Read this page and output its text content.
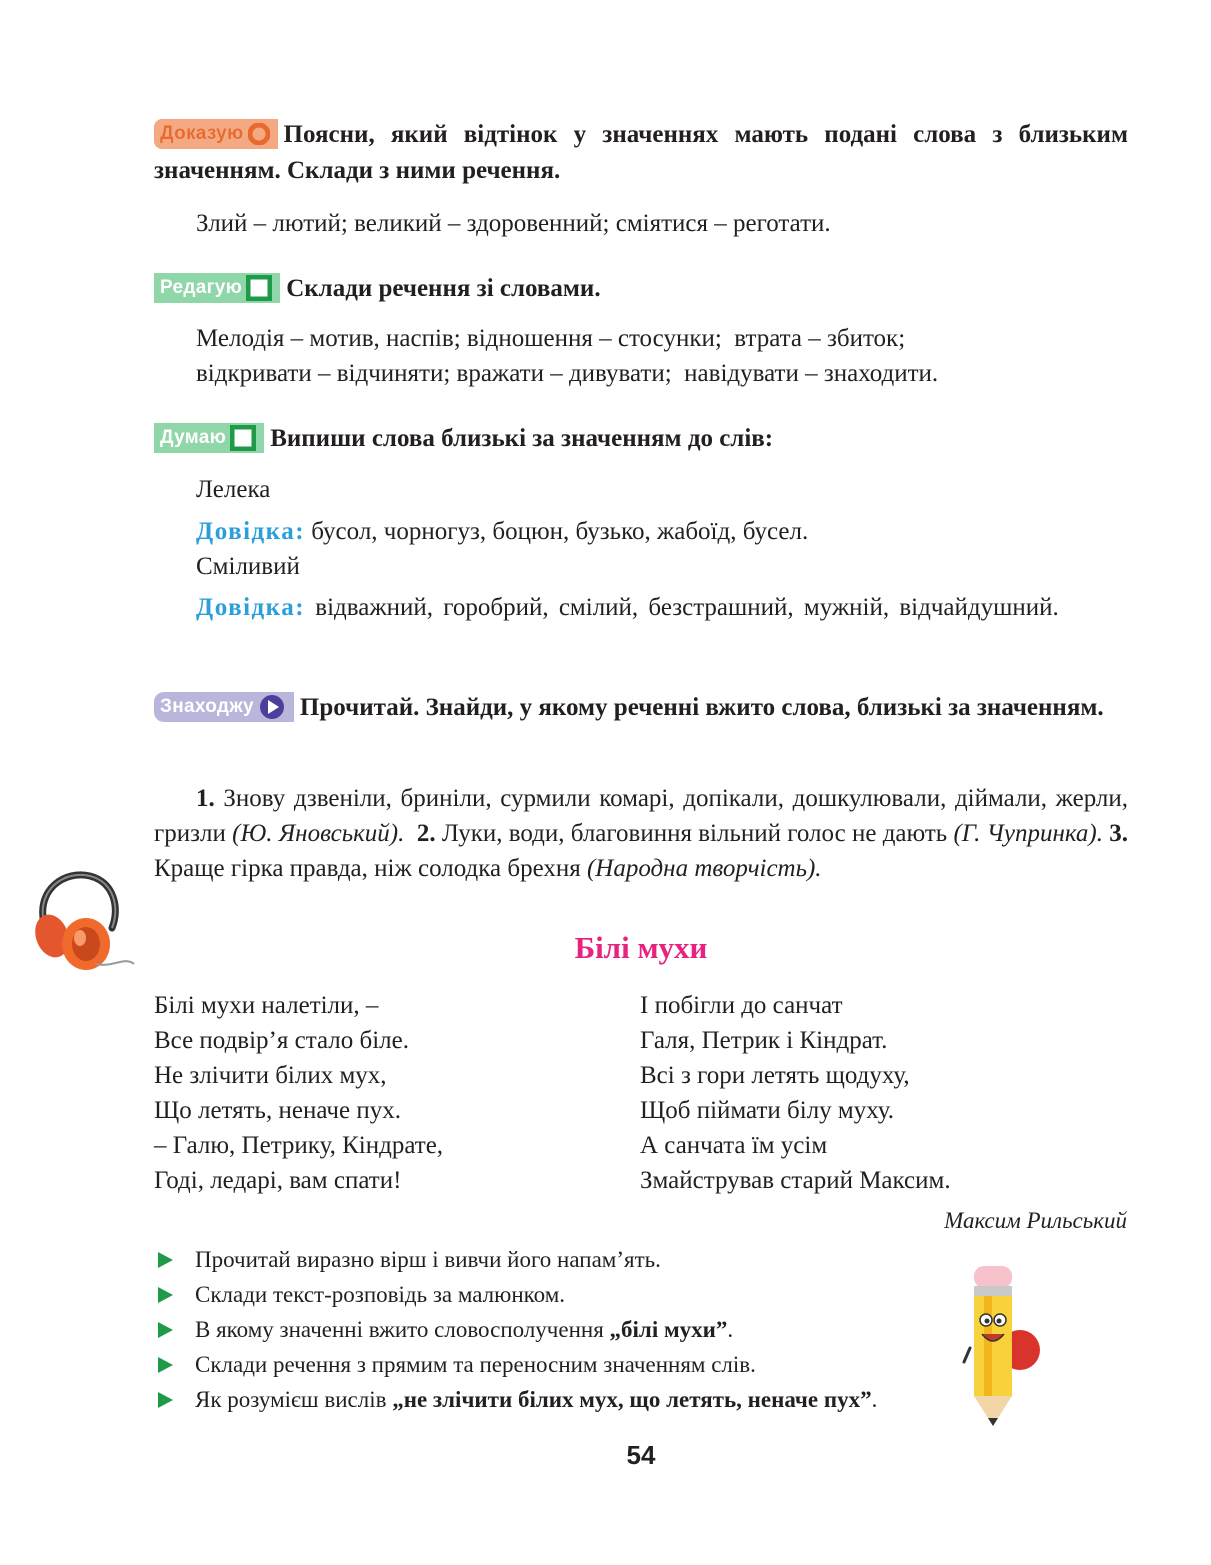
Доказую Поясни, який відтінок у значеннях мають подані слова з близьким значенням. Склади з ними речення.
Злий – лютий; великий – здоровенний; сміятися – реготати.
Редагую Склади речення зі словами.
Мелодія – мотив, наспів; відношення – стосунки;  втрата – збиток;
відкривати – відчиняти; вражати – дивувати;  навідувати – знаходити.
Думаю Випиши слова близькі за значенням до слів:
Лелека
Довідка: бусол, чорногуз, боцюн, бузько, жабоїд, бусел.
Сміливий
Довідка: відважний, горобрий, смілий, безстрашний, мужній, відчайдушний.
Знаходжу Прочитай. Знайди, у якому реченні вжито слова, близькі за значенням.
1. Знову дзвеніли, бриніли, сурмили комарі, допікали, дошкулювали, діймали, жерли, гризли (Ю. Яновський). 2. Луки, води, благовиння вільний голос не дають (Г. Чупринка). 3. Краще гірка правда, ніж солодка брехня (Народна творчість).
Білі мухи
Білі мухи налетіли, –
Все подвір’я стало біле.
Не злічити білих мух,
Що летять, неначе пух.
– Галю, Петрику, Кіндрате,
Годі, ледарі, вам спати!
І побігли до санчат
Галя, Петрик і Кіндрат.
Всі з гори летять щодуху,
Щоб піймати білу муху.
А санчата їм усім
Змайстрував старий Максим.
Максим Рильський
Прочитай виразно вірш і вивчи його напам’ять.
Склади текст-розповідь за малюнком.
В якому значенні вжито словосполучення „білі мухи”.
Склади речення з прямим та переносним значенням слів.
Як розумієш вислів „не злічити білих мух, що летять, неначе пух”.
54
